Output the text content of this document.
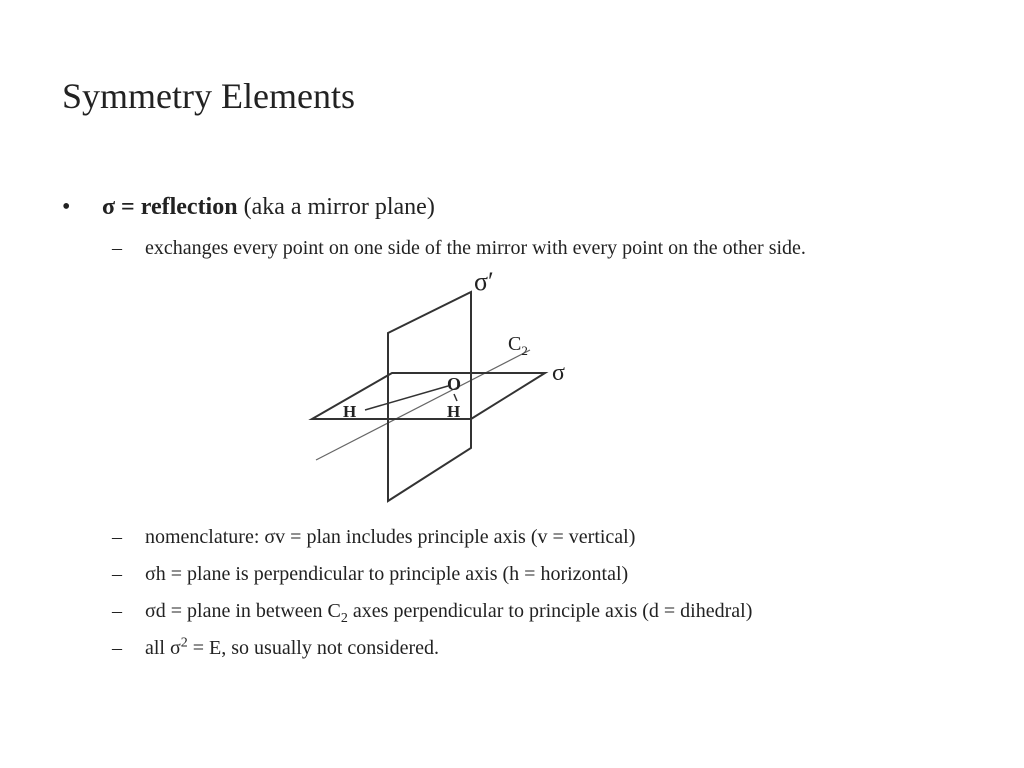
Symmetry Elements
•	σ = reflection (aka a mirror plane)
– exchanges every point on one side of the mirror with every point on the other side.
σ′
$C_2$
σ
O
H	H
– nomenclature: σv = plan includes principle axis (v = vertical)
– σh = plane is perpendicular to principle axis (h = horizontal)
– σd = plane in between $C_2$ axes perpendicular to principle axis (d = dihedral)
– all $\sigma^2 = E$, so usually not considered.
